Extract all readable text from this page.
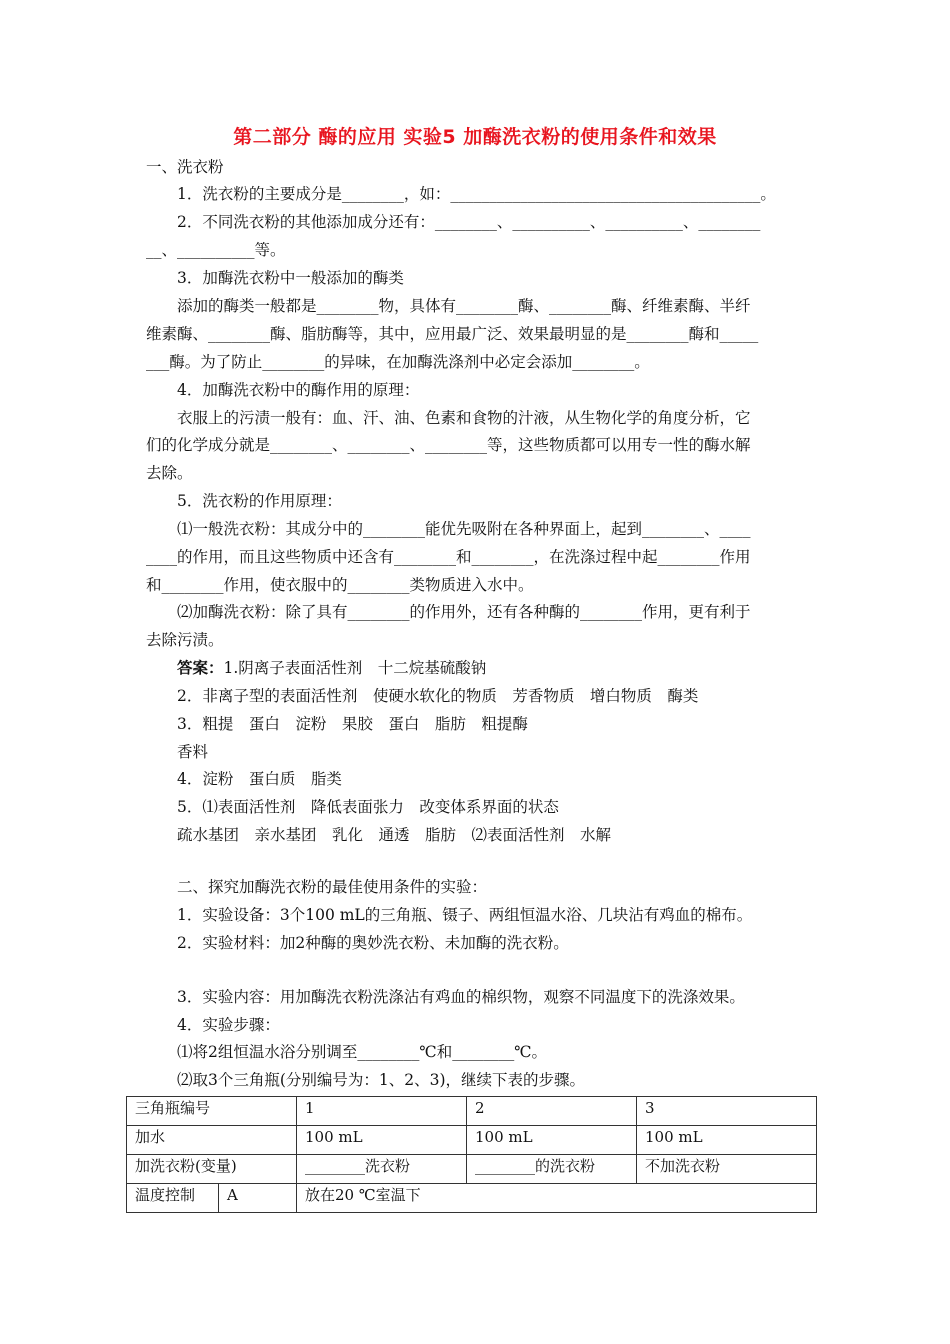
第二部分 酶的应用 实验5 加酶洗衣粉的使用条件和效果
一、洗衣粉
1．洗衣粉的主要成分是________，如：________________________________________。
2．不同洗衣粉的其他添加成分还有：________、__________、__________、________
__、__________等。
3．加酶洗衣粉中一般添加的酶类
添加的酶类一般都是________物，具体有________酶、________酶、纤维素酶、半纤
维素酶、________酶、脂肪酶等，其中，应用最广泛、效果最明显的是________酶和_____
___酶。为了防止________的异味，在加酶洗涤剂中必定会添加________。
4．加酶洗衣粉中的酶作用的原理：
衣服上的污渍一般有：血、汗、油、色素和食物的汁液，从生物化学的角度分析，它
们的化学成分就是________、________、________等，这些物质都可以用专一性的酶水解
去除。
5．洗衣粉的作用原理：
⑴一般洗衣粉：其成分中的________能优先吸附在各种界面上，起到________、____
____的作用，而且这些物质中还含有________和________，在洗涤过程中起________作用
和________作用，使衣服中的________类物质进入水中。
⑵加酶洗衣粉：除了具有________的作用外，还有各种酶的________作用，更有利于
去除污渍。
答案：1.阴离子表面活性剂　十二烷基硫酸钠
2．非离子型的表面活性剂　使硬水软化的物质　芳香物质　增白物质　酶类
3．粗提　蛋白　淀粉　果胶　蛋白　脂肪　粗提酶
香料
4．淀粉　蛋白质　脂类
5．⑴表面活性剂　降低表面张力　改变体系界面的状态
疏水基团　亲水基团　乳化　通透　脂肪　⑵表面活性剂　水解
二、探究加酶洗衣粉的最佳使用条件的实验：
1．实验设备：3个100 mL的三角瓶、镊子、两组恒温水浴、几块沾有鸡血的棉布。
2．实验材料：加2种酶的奥妙洗衣粉、未加酶的洗衣粉。
3．实验内容：用加酶洗衣粉洗涤沾有鸡血的棉织物，观察不同温度下的洗涤效果。
4．实验步骤：
⑴将2组恒温水浴分别调至________℃和________℃。
⑵取3个三角瓶(分别编号为：1、2、3)，继续下表的步骤。
三角瓶编号		1	2	3
加水		100 mL	100 mL	100 mL
加洗衣粉(变量)		________洗衣粉	________的洗衣粉	不加洗衣粉
温度控制	A	放在20 ℃室温下		
